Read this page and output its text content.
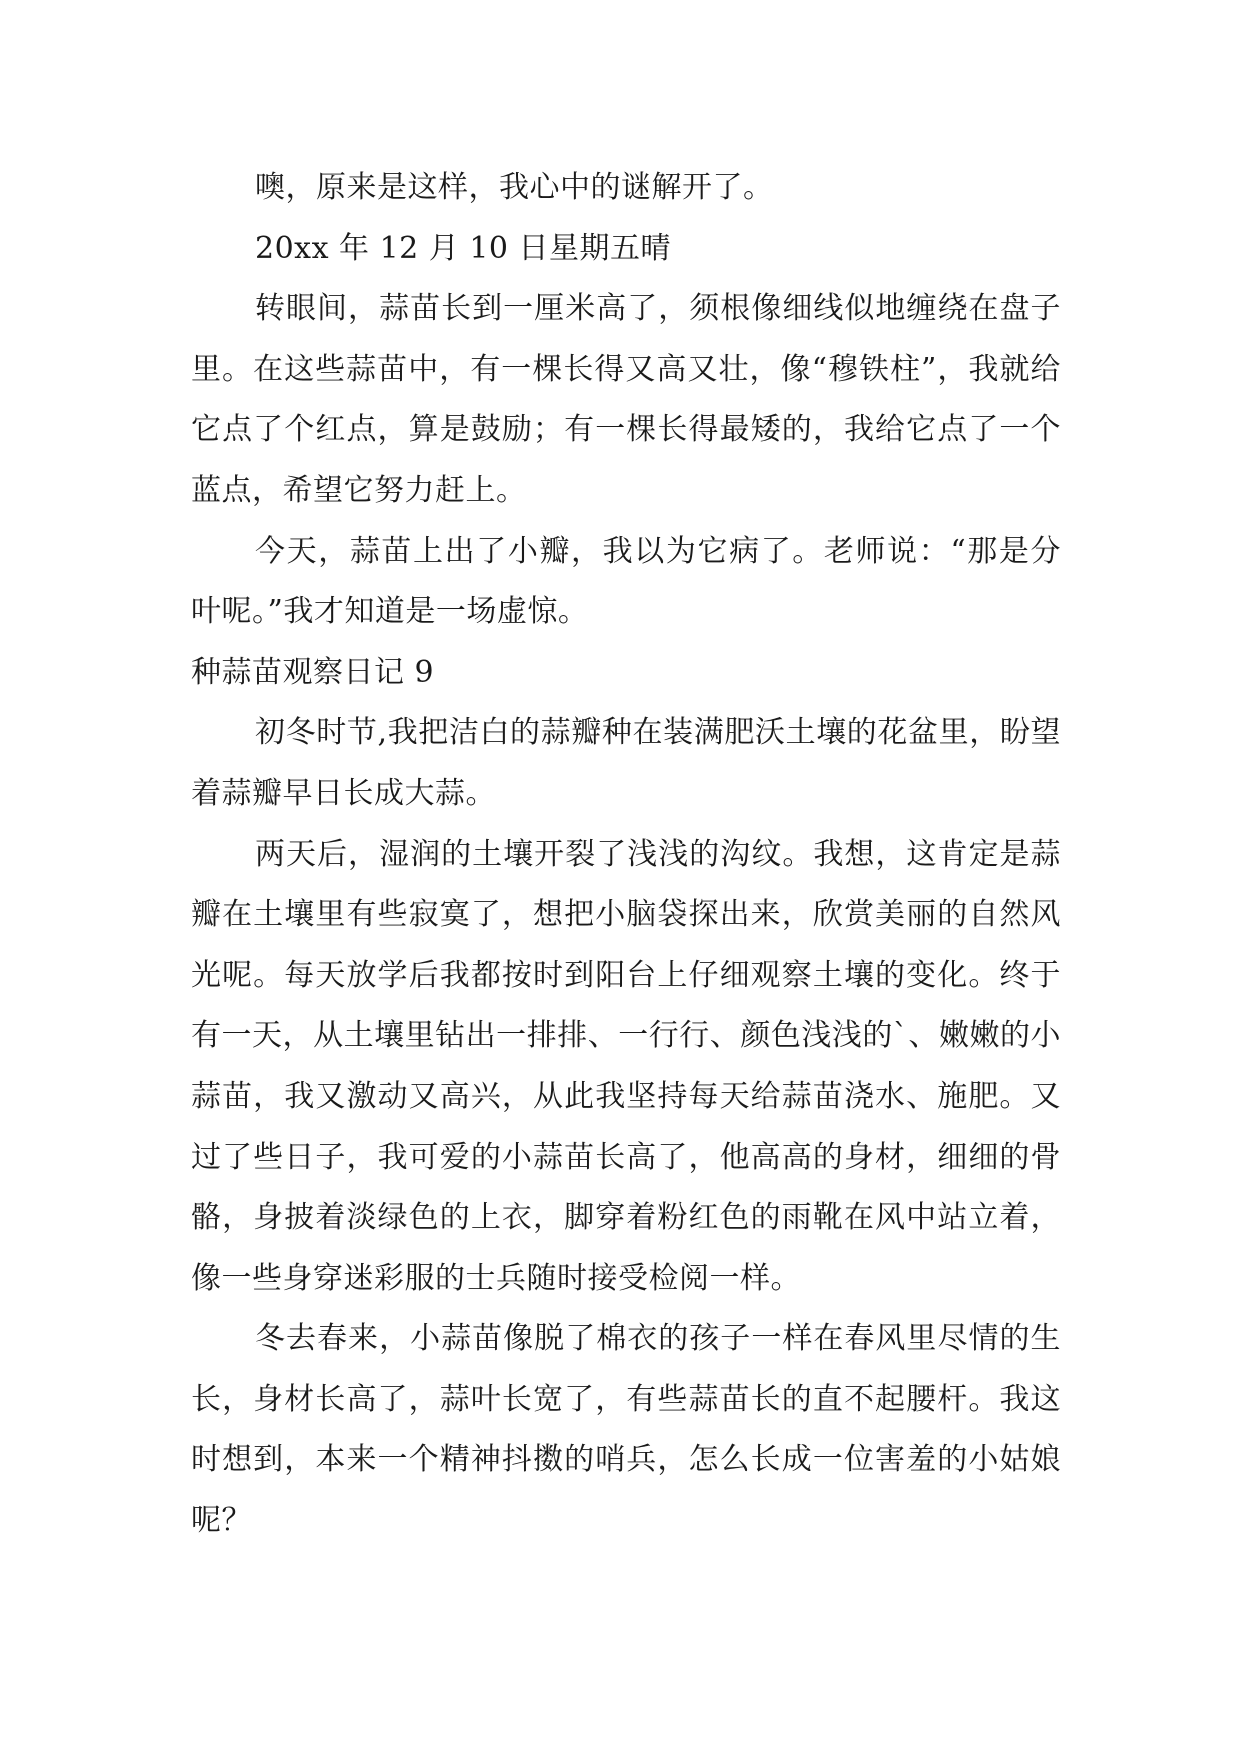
噢，原来是这样，我心中的谜解开了。

20xx 年 12 月 10 日星期五晴

转眼间，蒜苗长到一厘米高了，须根像细线似地缠绕在盘子里。在这些蒜苗中，有一棵长得又高又壮，像“穆铁柱”，我就给它点了个红点，算是鼓励；有一棵长得最矮的，我给它点了一个蓝点，希望它努力赶上。

今天，蒜苗上出了小瓣，我以为它病了。老师说：“那是分叶呢。”我才知道是一场虚惊。

种蒜苗观察日记 9

初冬时节,我把洁白的蒜瓣种在装满肥沃土壤的花盆里，盼望着蒜瓣早日长成大蒜。

两天后，湿润的土壤开裂了浅浅的沟纹。我想，这肯定是蒜瓣在土壤里有些寂寞了，想把小脑袋探出来，欣赏美丽的自然风光呢。每天放学后我都按时到阳台上仔细观察土壤的变化。终于有一天，从土壤里钻出一排排、一行行、颜色浅浅的`、嫩嫩的小蒜苗，我又激动又高兴，从此我坚持每天给蒜苗浇水、施肥。又过了些日子，我可爱的小蒜苗长高了，他高高的身材，细细的骨骼，身披着淡绿色的上衣，脚穿着粉红色的雨靴在风中站立着，像一些身穿迷彩服的士兵随时接受检阅一样。

冬去春来，小蒜苗像脱了棉衣的孩子一样在春风里尽情的生长，身材长高了，蒜叶长宽了，有些蒜苗长的直不起腰杆。我这时想到，本来一个精神抖擞的哨兵，怎么长成一位害羞的小姑娘呢？
